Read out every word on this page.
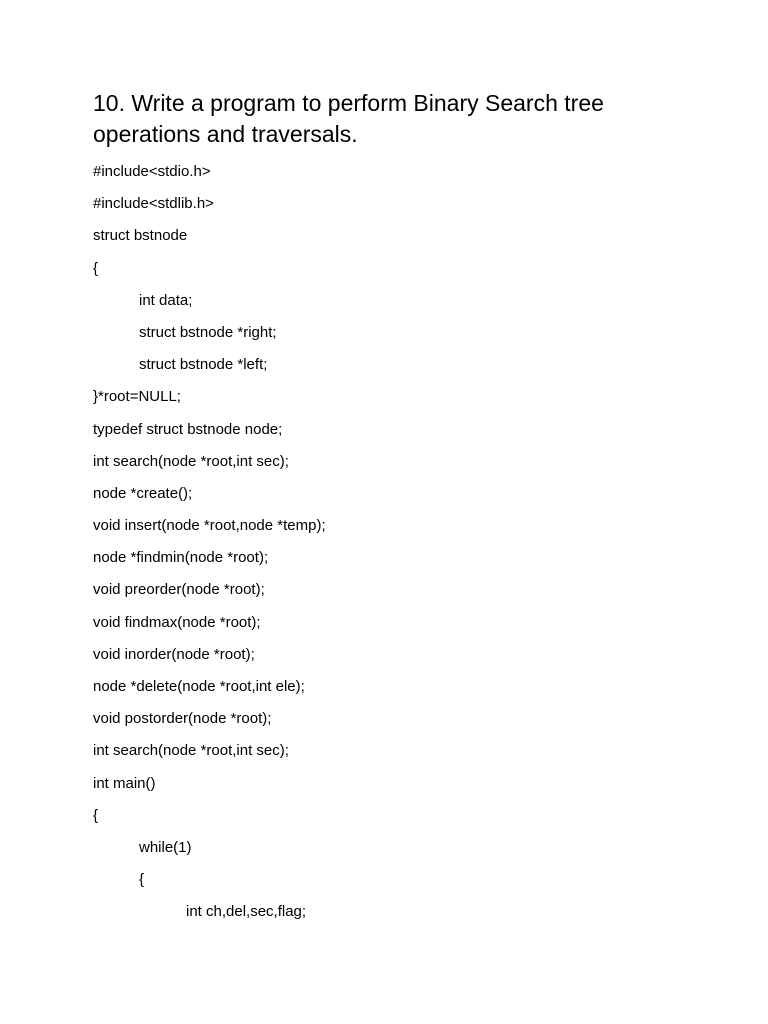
10. Write a program to perform Binary Search tree operations and traversals.
#include<stdio.h>
#include<stdlib.h>
struct bstnode
{
int data;
struct bstnode *right;
struct bstnode *left;
}*root=NULL;
typedef struct bstnode node;
int search(node *root,int sec);
node *create();
void insert(node *root,node *temp);
node *findmin(node *root);
void preorder(node *root);
void findmax(node *root);
void inorder(node *root);
node *delete(node *root,int ele);
void postorder(node *root);
int search(node *root,int sec);
int main()
{
while(1)
{
int ch,del,sec,flag;
